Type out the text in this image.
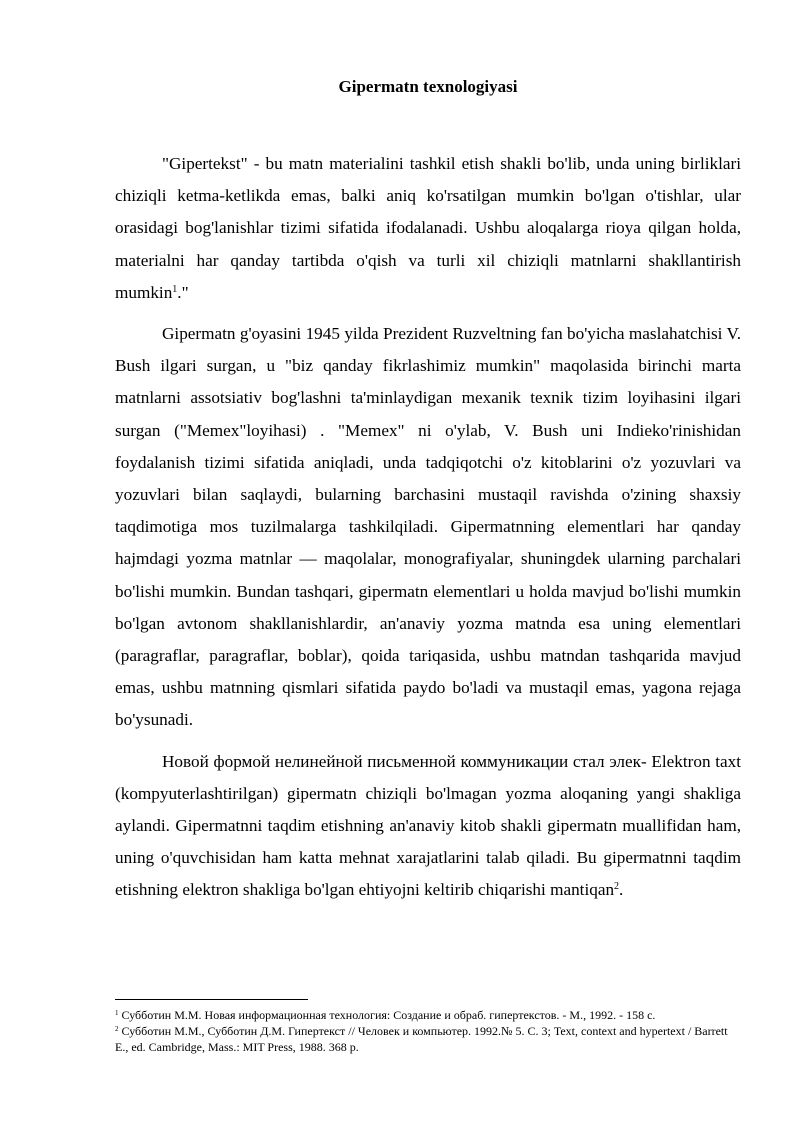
Gipermatn texnologiyasi

"Gipertekst" - bu matn materialini tashkil etish shakli bo'lib, unda uning birliklari chiziqli ketma-ketlikda emas, balki aniq ko'rsatilgan mumkin bo'lgan o'tishlar, ular orasidagi bog'lanishlar tizimi sifatida ifodalanadi. Ushbu aloqalarga rioya qilgan holda, materialni har qanday tartibda o'qish va turli xil chiziqli matnlarni shakllantirish mumkin$^1$."

Gipermatn g'oyasini 1945 yilda Prezident Ruzveltning fan bo'yicha maslahatchisi V. Bush ilgari surgan, u "biz qanday fikrlashimiz mumkin" maqolasida birinchi marta matnlarni assotsiativ bog'lashni ta'minlaydigan mexanik texnik tizim loyihasini ilgari surgan ("Memex"loyihasi) . "Memex" ni o'ylab, V. Bush uni Indieko'rinishidan foydalanish tizimi sifatida aniqladi, unda tadqiqotchi o'z kitoblarini o'z yozuvlari va yozuvlari bilan saqlaydi, bularning barchasini mustaqil ravishda o'zining shaxsiy taqdimotiga mos tuzilmalarga tashkilqiladi. Gipermatnning elementlari har qanday hajmdagi yozma matnlar — maqolalar, monografiyalar, shuningdek ularning parchalari bo'lishi mumkin. Bundan tashqari, gipermatn elementlari u holda mavjud bo'lishi mumkin bo'lgan avtonom shakllanishlardir, an'anaviy yozma matnda esa uning elementlari (paragraflar, paragraflar, boblar), qoida tariqasida, ushbu matndan tashqarida mavjud emas, ushbu matnning qismlari sifatida paydo bo'ladi va mustaqil emas, yagona rejaga bo'ysunadi.

Новой формой нелинейной письменной коммуникации стал элек- Elektron taxt (kompyuterlashtirilgan) gipermatn chiziqli bo'lmagan yozma aloqaning yangi shakliga aylandi. Gipermatnni taqdim etishning an'anaviy kitob shakli gipermatn muallifidan ham, uning o'quvchisidan ham katta mehnat xarajatlarini talab qiladi. Bu gipermatnni taqdim etishning elektron shakliga bo'lgan ehtiyojni keltirib chiqarishi mantiqan$^2$.

$^1$ Субботин М.М. Новая информационная технология: Создание и обраб. гипертекстов. - М., 1992. - 158 с.

$^2$ Субботин М.М., Субботин Д.М. Гипертекст // Человек и компьютер. 1992.№ 5. С. 3; Text, context and hypertext / Barrett E., ed. Cambridge, Mass.: MIT Press, 1988. 368 р.
